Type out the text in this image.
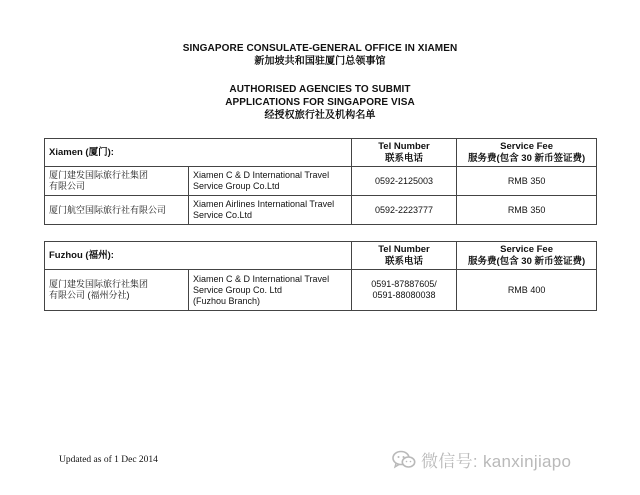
SINGAPORE CONSULATE-GENERAL OFFICE IN XIAMEN
新加坡共和国驻厦门总领事馆
AUTHORISED AGENCIES TO SUBMIT
APPLICATIONS FOR SINGAPORE VISA
经授权旅行社及机构名单
Xiamen (厦门):		Tel Number
联系电话	Service Fee
服务费(包含 30 新币签证费)

厦门建发国际旅行社集团
有限公司	Xiamen C & D International Travel
Service Group Co.Ltd	0592-2125003	RMB 350

厦门航空国际旅行社有限公司	Xiamen Airlines International Travel
Service Co.Ltd	0592-2223777	RMB 350
Fuzhou (福州):		Tel Number
联系电话	Service Fee
服务费(包含 30 新币签证费)

厦门建发国际旅行社集团
有限公司 (福州分社)	Xiamen C & D International Travel
Service Group Co. Ltd
(Fuzhou Branch)	0591-87887605/
0591-88080038	RMB 400
Updated as of 1 Dec 2014	微信号: kanxinjiapo
